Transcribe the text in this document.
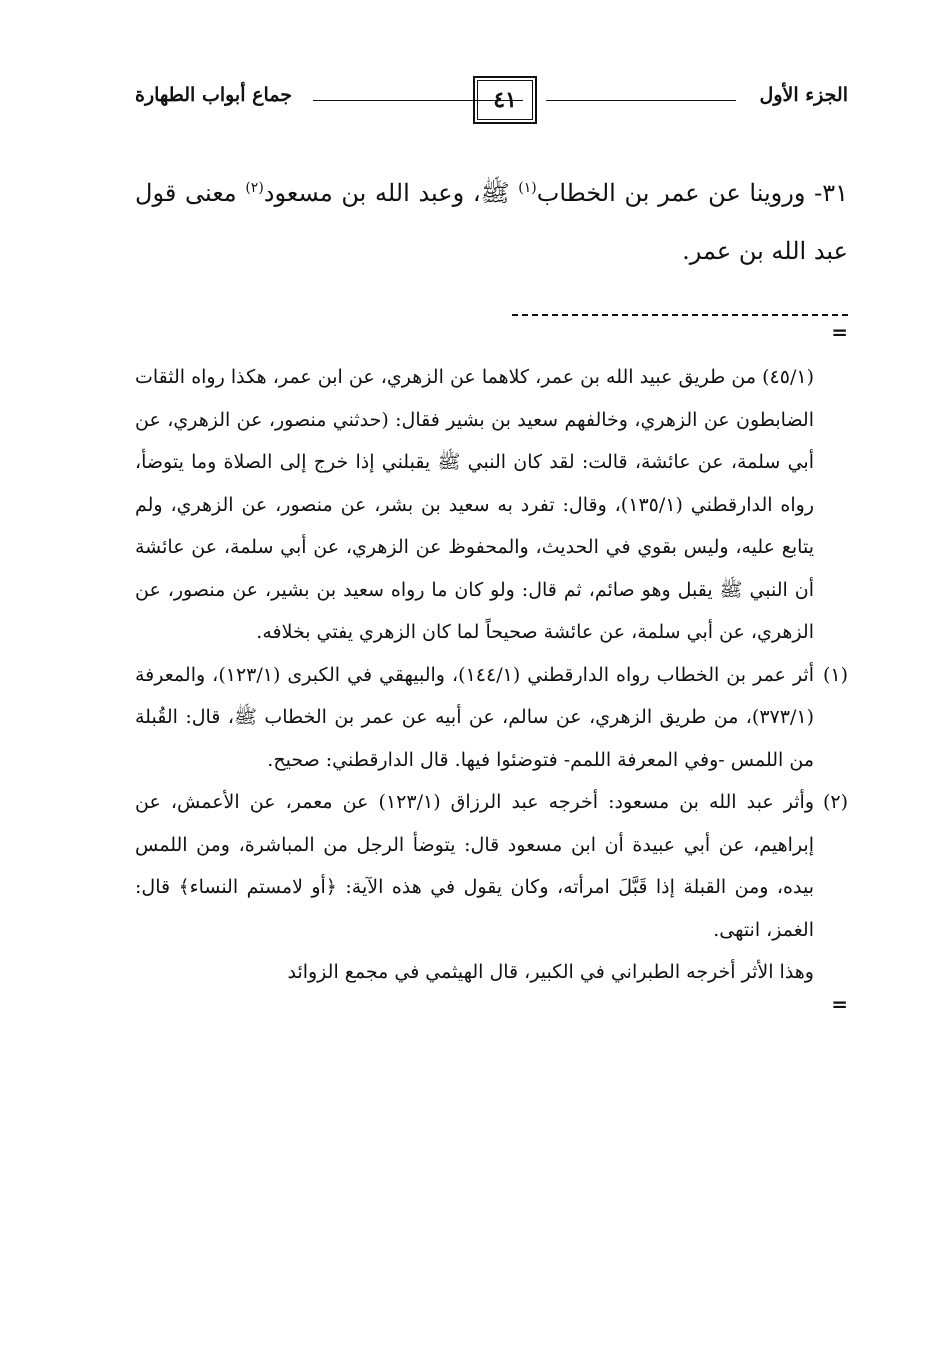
الجزء الأول
٤١
جماع أبواب الطهارة

٣١- وروينا عن عمر بن الخطاب$^{(١)}$ ﷺ، وعبد الله بن مسعود$^{(٢)}$ معنى قول عبد الله بن عمر.

=

(٤٥/١) من طريق عبيد الله بن عمر، كلاهما عن الزهري، عن ابن عمر، هكذا رواه الثقات الضابطون عن الزهري، وخالفهم سعيد بن بشير فقال: (حدثني منصور، عن الزهري، عن أبي سلمة، عن عائشة، قالت: لقد كان النبي ﷺ يقبلني إذا خرج إلى الصلاة وما يتوضأ، رواه الدارقطني (١٣٥/١)، وقال: تفرد به سعيد بن بشر، عن منصور، عن الزهري، ولم يتابع عليه، وليس بقوي في الحديث، والمحفوظ عن الزهري، عن أبي سلمة، عن عائشة أن النبي ﷺ يقبل وهو صائم، ثم قال: ولو كان ما رواه سعيد بن بشير، عن منصور، عن الزهري، عن أبي سلمة، عن عائشة صحيحاً لما كان الزهري يفتي بخلافه.

(١)أثر عمر بن الخطاب رواه الدارقطني (١٤٤/١)، والبيهقي في الكبرى (١٢٣/١)، والمعرفة (٣٧٣/١)، من طريق الزهري، عن سالم، عن أبيه عن عمر بن الخطاب ﷺ، قال: القُبلة من اللمس -وفي المعرفة اللمم- فتوضئوا فيها. قال الدارقطني: صحيح.

(٢)وأثر عبد الله بن مسعود: أخرجه عبد الرزاق (١٢٣/١) عن معمر، عن الأعمش، عن إبراهيم، عن أبي عبيدة أن ابن مسعود قال: يتوضأ الرجل من المباشرة، ومن اللمس بيده، ومن القبلة إذا قَبَّلَ امرأته، وكان يقول في هذه الآية: ﴿أو لامستم النساء﴾ قال: الغمز، انتهى.

وهذا الأثر أخرجه الطبراني في الكبير، قال الهيثمي في مجمع الزوائد

=
